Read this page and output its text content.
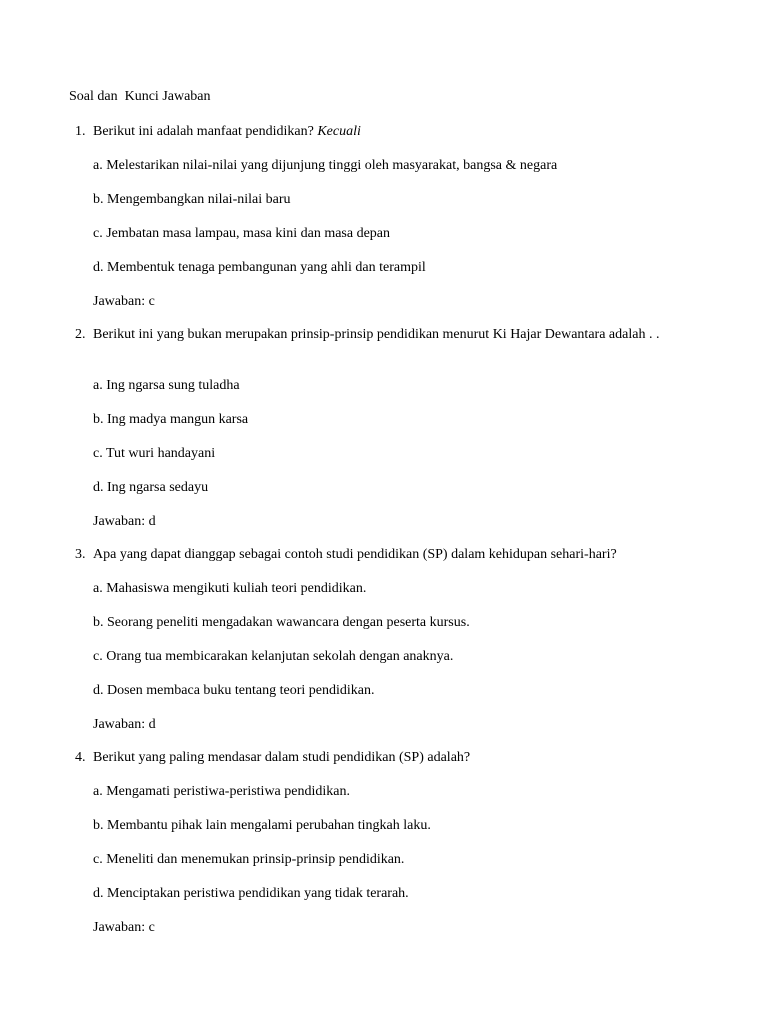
Soal dan  Kunci Jawaban
1. Berikut ini adalah manfaat pendidikan? Kecuali
a. Melestarikan nilai-nilai yang dijunjung tinggi oleh masyarakat, bangsa & negara
b. Mengembangkan nilai-nilai baru
c. Jembatan masa lampau, masa kini dan masa depan
d. Membentuk tenaga pembangunan yang ahli dan terampil
Jawaban: c
2. Berikut ini yang bukan merupakan prinsip-prinsip pendidikan menurut Ki Hajar Dewantara adalah . .
a. Ing ngarsa sung tuladha
b. Ing madya mangun karsa
c. Tut wuri handayani
d. Ing ngarsa sedayu
Jawaban: d
3. Apa yang dapat dianggap sebagai contoh studi pendidikan (SP) dalam kehidupan sehari-hari?
a. Mahasiswa mengikuti kuliah teori pendidikan.
b. Seorang peneliti mengadakan wawancara dengan peserta kursus.
c. Orang tua membicarakan kelanjutan sekolah dengan anaknya.
d. Dosen membaca buku tentang teori pendidikan.
Jawaban: d
4. Berikut yang paling mendasar dalam studi pendidikan (SP) adalah?
a. Mengamati peristiwa-peristiwa pendidikan.
b. Membantu pihak lain mengalami perubahan tingkah laku.
c. Meneliti dan menemukan prinsip-prinsip pendidikan.
d. Menciptakan peristiwa pendidikan yang tidak terarah.
Jawaban: c
